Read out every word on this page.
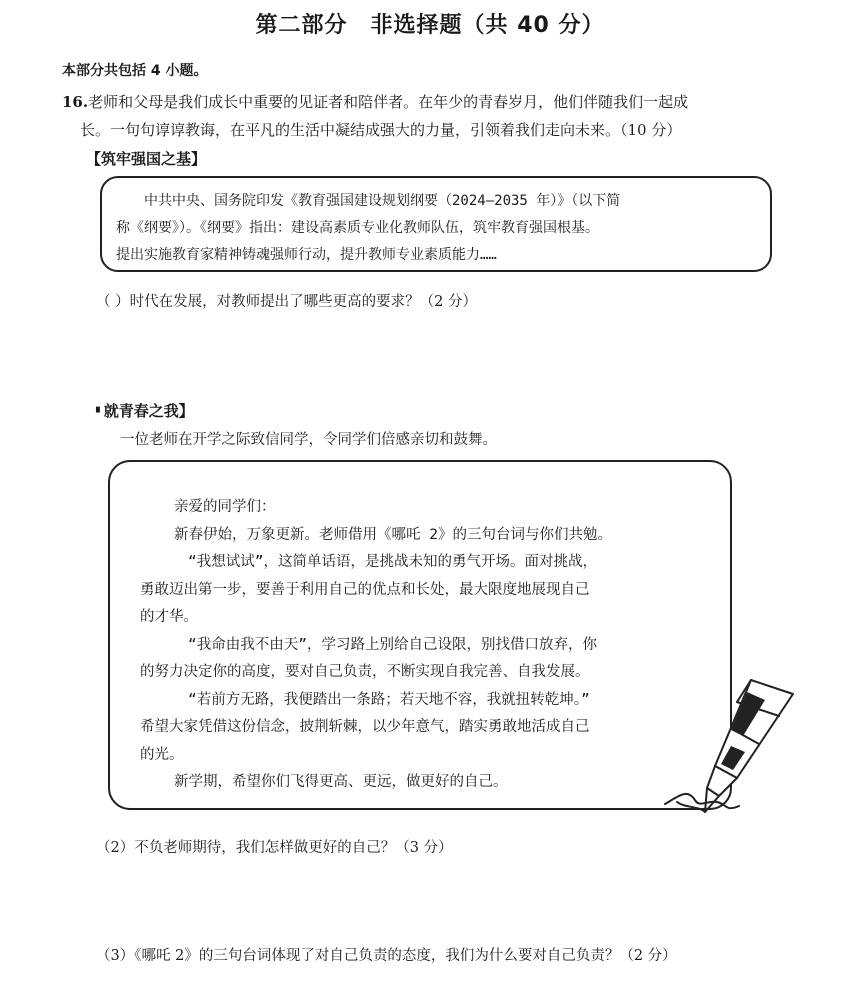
第二部分　非选择题（共 40 分）
本部分共包括 4 小题。
16.老师和父母是我们成长中重要的见证者和陪伴者。在年少的青春岁月，他们伴随我们一起成
长。一句句谆谆教诲，在平凡的生活中凝结成强大的力量，引领着我们走向未来。（10 分）
【筑牢强国之基】

中共中央、国务院印发《教育强国建设规划纲要（2024—2035 年）》（以下简

称《纲要》）。《纲要》指出：建设高素质专业化教师队伍，筑牢教育强国根基。

提出实施教育家精神铸魂强师行动，提升教师专业素质能力……

（ ）时代在发展，对教师提出了哪些更高的要求？（2 分）
▘就青春之我】
一位老师在开学之际致信同学，令同学们倍感亲切和鼓舞。

亲爱的同学们：

新春伊始，万象更新。老师借用《哪吒 2》的三句台词与你们共勉。

“我想试试”，这简单话语，是挑战未知的勇气开场。面对挑战，

勇敢迈出第一步，要善于利用自己的优点和长处，最大限度地展现自己

的才华。

“我命由我不由天”，学习路上别给自己设限，别找借口放弃，你

的努力决定你的高度，要对自己负责，不断实现自我完善、自我发展。

“若前方无路，我便踏出一条路；若天地不容，我就扭转乾坤。”

希望大家凭借这份信念，披荆斩棘，以少年意气，踏实勇敢地活成自己

的光。

新学期，希望你们飞得更高、更远，做更好的自己。

（2）不负老师期待，我们怎样做更好的自己？（3 分）
（3）《哪吒 2》的三句台词体现了对自己负责的态度，我们为什么要对自己负责？（2 分）
